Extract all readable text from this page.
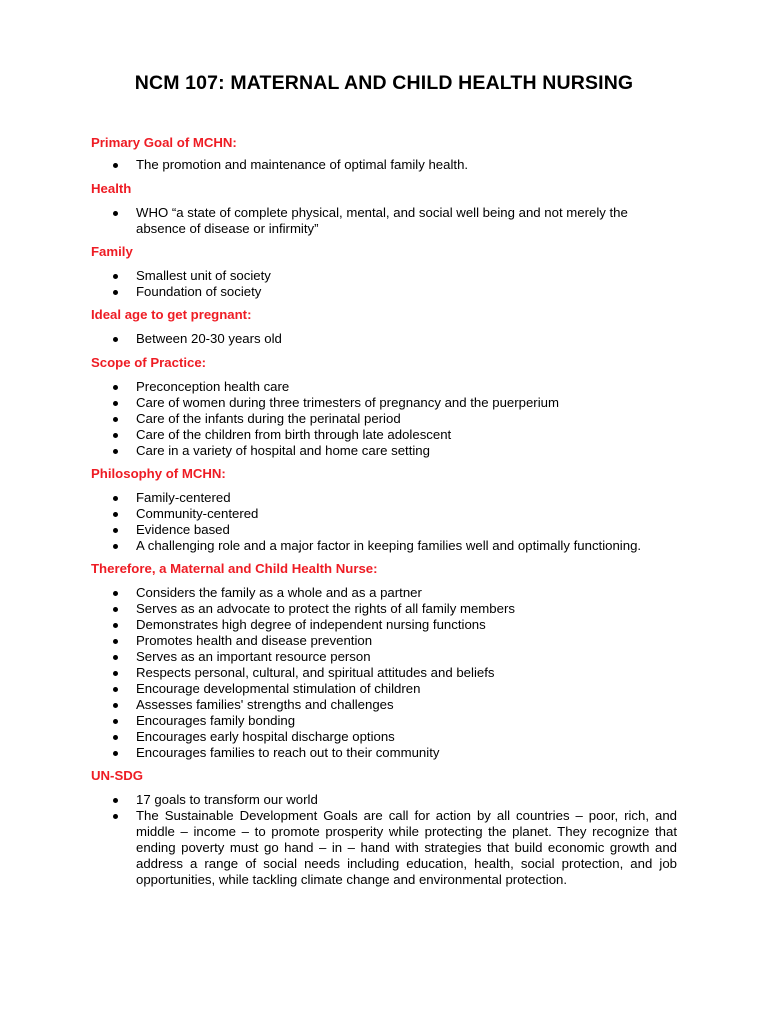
NCM 107: MATERNAL AND CHILD HEALTH NURSING
Primary Goal of MCHN:
The promotion and maintenance of optimal family health.
Health
WHO “a state of complete physical, mental, and social well being and not merely the absence of disease or infirmity”
Family
Smallest unit of society
Foundation of society
Ideal age to get pregnant:
Between 20-30 years old
Scope of Practice:
Preconception health care
Care of women during three trimesters of pregnancy and the puerperium
Care of the infants during the perinatal period
Care of the children from birth through late adolescent
Care in a variety of hospital and home care setting
Philosophy of MCHN:
Family-centered
Community-centered
Evidence based
A challenging role and a major factor in keeping families well and optimally functioning.
Therefore, a Maternal and Child Health Nurse:
Considers the family as a whole and as a partner
Serves as an advocate to protect the rights of all family members
Demonstrates high degree of independent nursing functions
Promotes health and disease prevention
Serves as an important resource person
Respects personal, cultural, and spiritual attitudes and beliefs
Encourage developmental stimulation of children
Assesses families' strengths and challenges
Encourages family bonding
Encourages early hospital discharge options
Encourages families to reach out to their community
UN-SDG
17 goals to transform our world
The Sustainable Development Goals are call for action by all countries – poor, rich, and middle – income – to promote prosperity while protecting the planet. They recognize that ending poverty must go hand – in – hand with strategies that build economic growth and address a range of social needs including education, health, social protection, and job opportunities, while tackling climate change and environmental protection.
